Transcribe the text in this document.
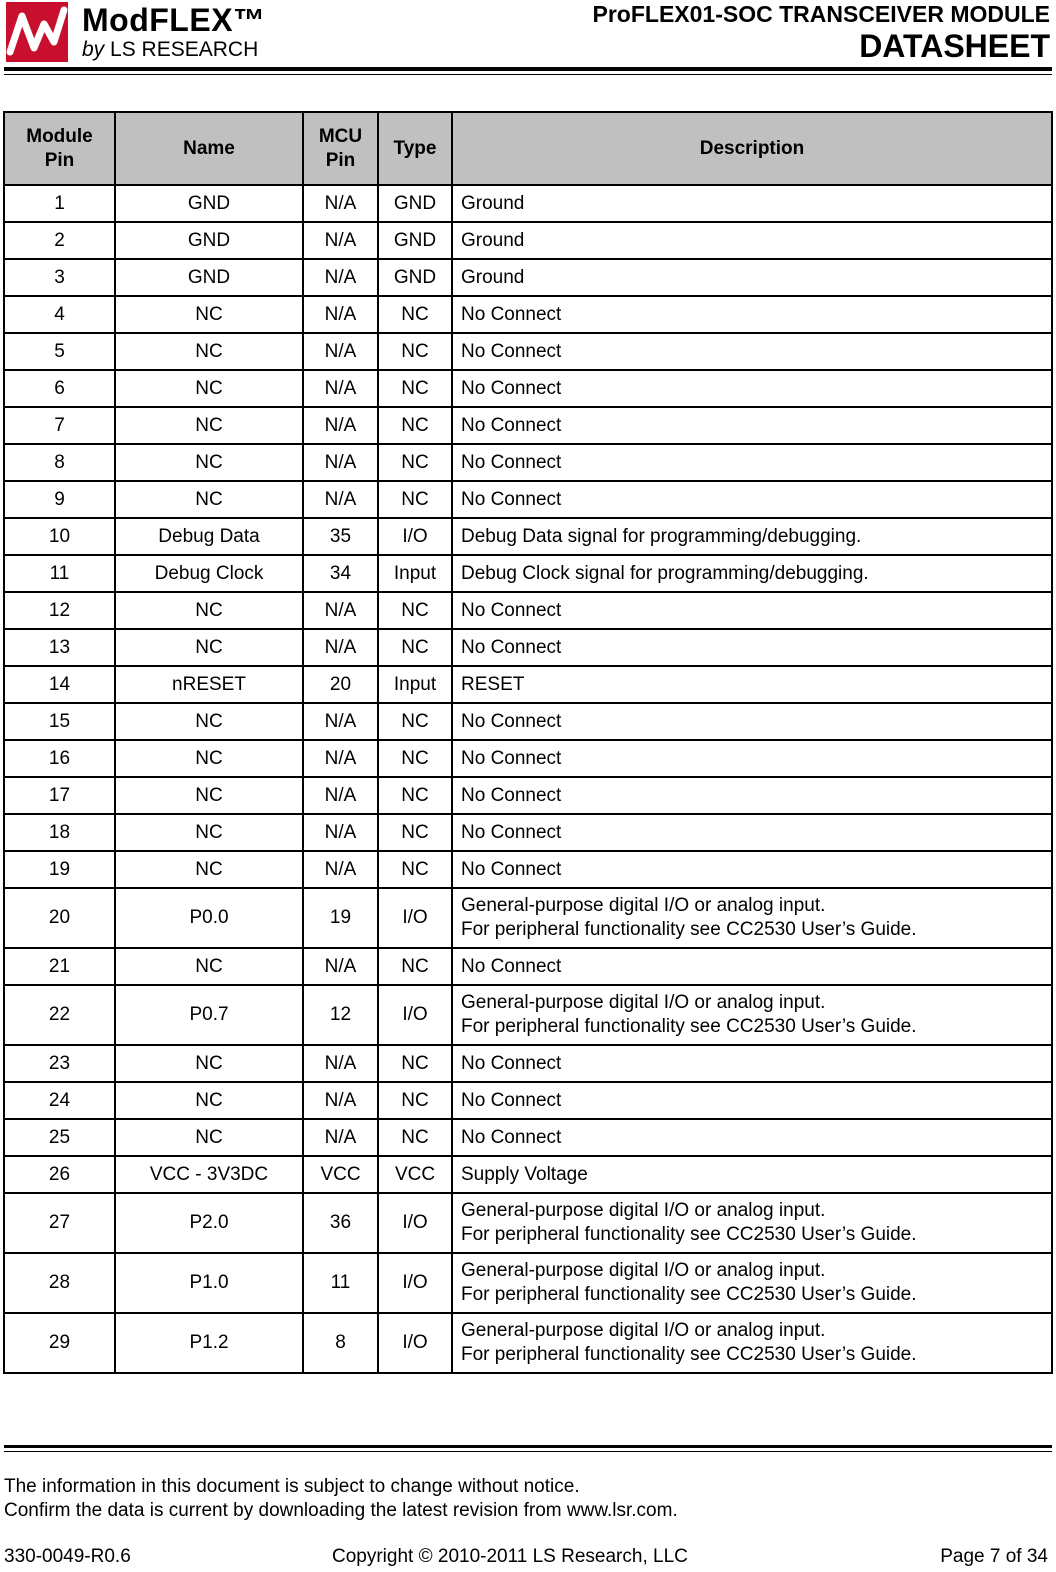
ModFLEX™
by LS RESEARCH
ProFLEX01-SOC TRANSCEIVER MODULE
DATASHEET
Module Pin	Name	MCU Pin	Type	Description
1	GND	N/A	GND	Ground

2	GND	N/A	GND	Ground

3	GND	N/A	GND	Ground

4	NC	N/A	NC	No Connect

5	NC	N/A	NC	No Connect

6	NC	N/A	NC	No Connect

7	NC	N/A	NC	No Connect

8	NC	N/A	NC	No Connect

9	NC	N/A	NC	No Connect

10	Debug Data	35	I/O	Debug Data signal for programming/debugging.

11	Debug Clock	34	Input	Debug Clock signal for programming/debugging.

12	NC	N/A	NC	No Connect

13	NC	N/A	NC	No Connect

14	nRESET	20	Input	RESET

15	NC	N/A	NC	No Connect

16	NC	N/A	NC	No Connect

17	NC	N/A	NC	No Connect

18	NC	N/A	NC	No Connect

19	NC	N/A	NC	No Connect

20	P0.0	19	I/O	General-purpose digital I/O or analog input.
For peripheral functionality see CC2530 User’s Guide.

21	NC	N/A	NC	No Connect

22	P0.7	12	I/O	General-purpose digital I/O or analog input.
For peripheral functionality see CC2530 User’s Guide.

23	NC	N/A	NC	No Connect

24	NC	N/A	NC	No Connect

25	NC	N/A	NC	No Connect

26	VCC - 3V3DC	VCC	VCC	Supply Voltage

27	P2.0	36	I/O	General-purpose digital I/O or analog input.
For peripheral functionality see CC2530 User’s Guide.

28	P1.0	11	I/O	General-purpose digital I/O or analog input.
For peripheral functionality see CC2530 User’s Guide.

29	P1.2	8	I/O	General-purpose digital I/O or analog input.
For peripheral functionality see CC2530 User’s Guide.
The information in this document is subject to change without notice.
Confirm the data is current by downloading the latest revision from www.lsr.com.
330-0049-R0.6	Copyright © 2010-2011 LS Research, LLC	Page 7 of 34
